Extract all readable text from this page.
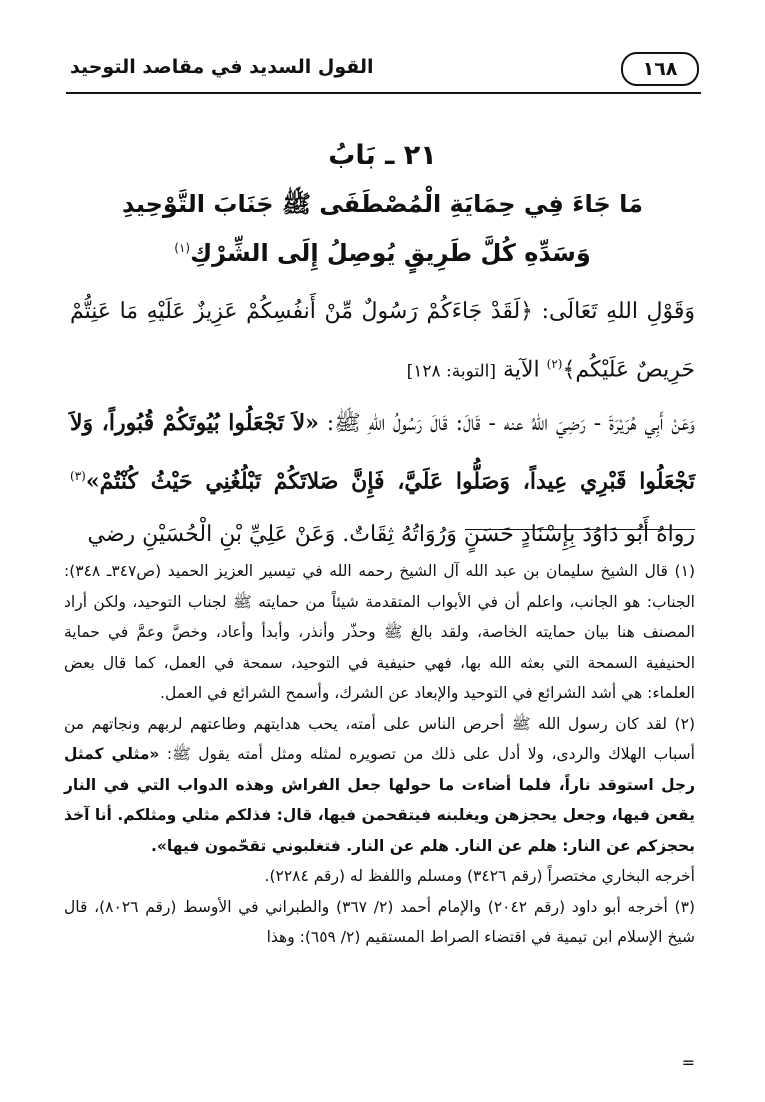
القول السديد في مقاصد التوحيد	١٦٨
٢١ ـ بَابُ
مَا جَاءَ فِي حِمَايَةِ الْمُصْطَفَى ﷺ جَنَابَ التَّوْحِيدِ
وَسَدِّهِ كُلَّ طَرِيقٍ يُوصِلُ إِلَى الشِّرْكِ$^{(١)}$

وَقَوْلِ اللهِ تَعَالَى: ﴿لَقَدْ جَاءَكُمْ رَسُولٌ مِّنْ أَنفُسِكُمْ عَزِيزٌ عَلَيْهِ مَا عَنِتُّمْ حَرِيصٌ عَلَيْكُم﴾$^{(٢)}$ الآية [التوبة: ١٢٨]

وَعَنْ أَبِي هُرَيْرَةَ - رَضِيَ اللهُ عنه - قَالَ: قَالَ رَسُولُ اللهِ ﷺ: «لاَ تَجْعَلُوا بُيُوتَكُمْ قُبُوراً، وَلاَ تَجْعَلُوا قَبْرِي عِيداً، وَصَلُّوا عَلَيَّ، فَإِنَّ صَلاتَكُمْ تَبْلُغُنِي حَيْثُ كُنْتُمْ»$^{(٣)}$ رواهُ أَبُو دَاوُدَ بِإِسْنَادٍ حَسَنٍ وَرُوَاتُهُ ثِقَاتٌ. وَعَنْ عَلِيِّ بْنِ الْحُسَيْنِ رضي

(١) قال الشيخ سليمان بن عبد الله آل الشيخ رحمه الله في تيسير العزيز الحميد (ص٣٤٧ـ ٣٤٨): الجناب: هو الجانب، واعلم أن في الأبواب المتقدمة شيئاً من حمايته ﷺ لجناب التوحيد، ولكن أراد المصنف هنا بيان حمايته الخاصة، ولقد بالغ ﷺ وحذّر وأنذر، وأبدأ وأعاد، وخصَّ وعمَّ في حماية الحنيفية السمحة التي بعثه الله بها، فهي حنيفية في التوحيد، سمحة في العمل، كما قال بعض العلماء: هي أشد الشرائع في التوحيد والإبعاد عن الشرك، وأسمح الشرائع في العمل.

(٢) لقد كان رسول الله ﷺ أحرص الناس على أمته، يحب هدايتهم وطاعتهم لربهم ونجاتهم من أسباب الهلاك والردى، ولا أدل على ذلك من تصويره لمثله ومثل أمته يقول ﷺ: «مثلي كمثل رجل استوقد ناراً، فلما أضاءت ما حولها جعل الفراش وهذه الدواب التي في النار يقعن فيها، وجعل يحجزهن ويغلبنه فيتقحمن فيها، قال: فذلكم مثلي ومثلكم. أنا آخذ بحجزكم عن النار: هلم عن النار. هلم عن النار. فتغلبوني تقحّمون فيها».

أخرجه البخاري مختصراً (رقم ٣٤٢٦) ومسلم واللفظ له (رقم ٢٢٨٤).

(٣) أخرجه أبو داود (رقم ٢٠٤٢) والإمام أحمد (٢/ ٣٦٧) والطبراني في الأوسط (رقم ٨٠٢٦)، قال شيخ الإسلام ابن تيمية في اقتضاء الصراط المستقيم (٢/ ٦٥٩): وهذا

=
